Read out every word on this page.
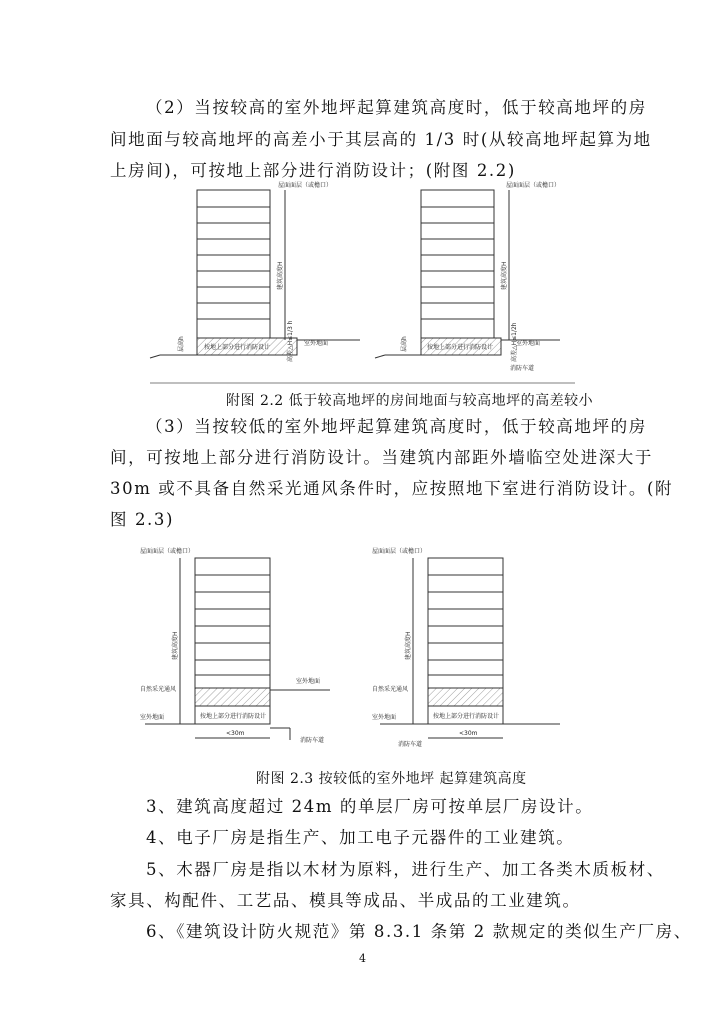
（2）当按较高的室外地坪起算建筑高度时，低于较高地坪的房
间地面与较高地坪的高差小于其层高的 1/3 时(从较高地坪起算为地
上房间)，可按地上部分进行消防设计；(附图 2.2)
屋面面层（或檐口）
建筑高度H
层高h	高差△H≤1/3 h
按地上部分进行消防设计
室外地面
屋面面层（或檐口）
建筑高度H
层高h	高差△H≤1/2h
按地上部分进行消防设计
室外地面
消防车道
附图 2.2 低于较高地坪的房间地面与较高地坪的高差较小
（3）当按较低的室外地坪起算建筑高度时，低于较高地坪的房
间，可按地上部分进行消防设计。当建筑内部距外墙临空处进深大于
30m 或不具备自然采光通风条件时，应按照地下室进行消防设计。(附
图 2.3)
屋面面层（或檐口）
建筑高度H
自然采光通风
室外地面
室外地面
按地上部分进行消防设计
<30m
消防车道
屋面面层（或檐口）
建筑高度H
自然采光通风
室外地面	按地上部分进行消防设计
<30m
消防车道
附图 2.3 按较低的室外地坪 起算建筑高度
3、建筑高度超过 24m 的单层厂房可按单层厂房设计。
4、电子厂房是指生产、加工电子元器件的工业建筑。
5、木器厂房是指以木材为原料，进行生产、加工各类木质板材、
家具、构配件、工艺品、模具等成品、半成品的工业建筑。
6、《建筑设计防火规范》第 8.3.1 条第 2 款规定的类似生产厂房、
4
